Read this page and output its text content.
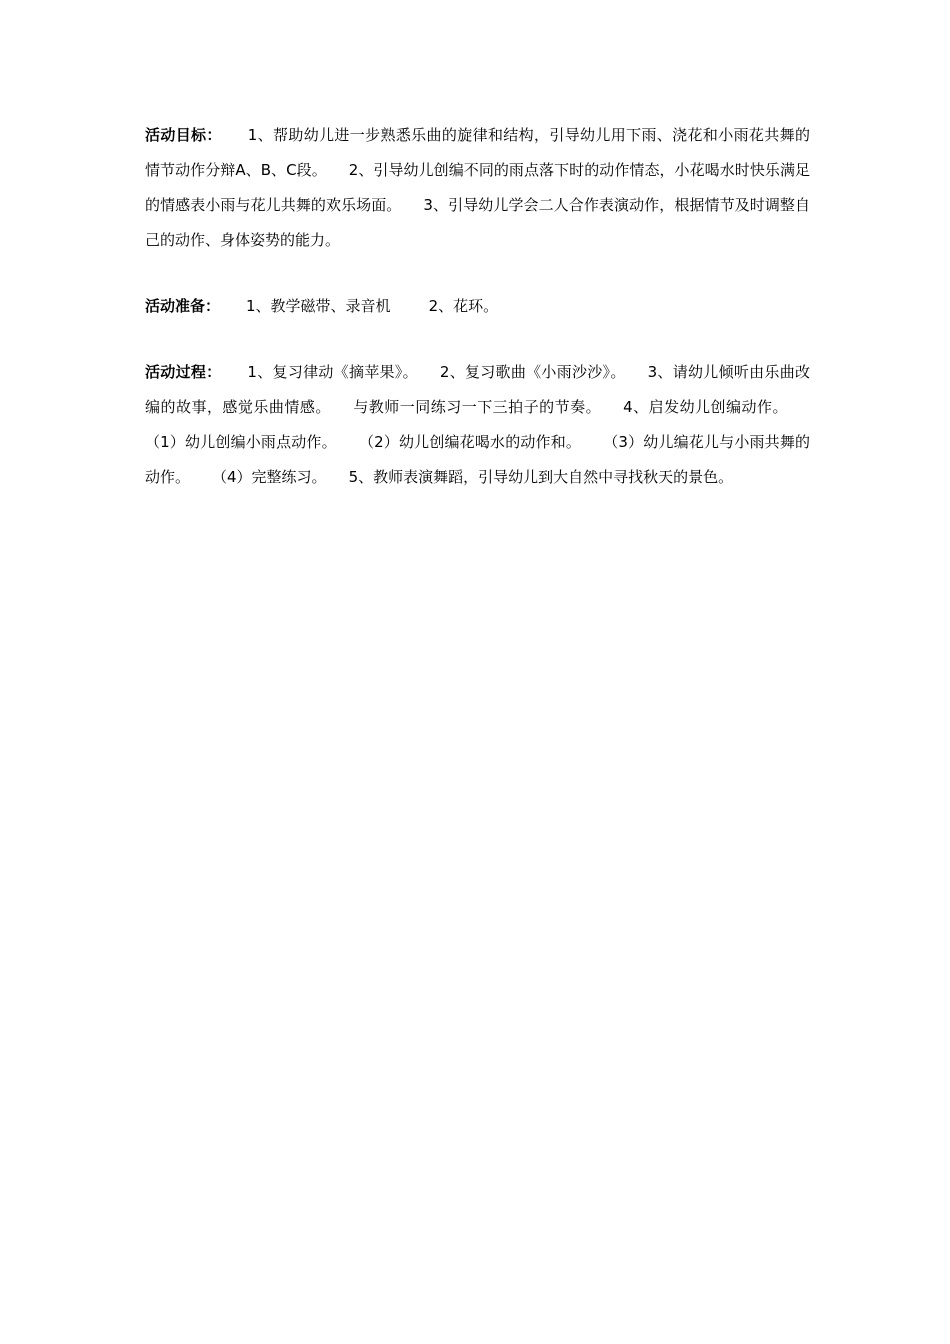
活动目标： 1、帮助幼儿进一步熟悉乐曲的旋律和结构，引导幼儿用下雨、浇花和小雨花共舞的情节动作分辩A、B、C段。 2、引导幼儿创编不同的雨点落下时的动作情态，小花喝水时快乐满足的情感表小雨与花儿共舞的欢乐场面。 3、引导幼儿学会二人合作表演动作，根据情节及时调整自己的动作、身体姿势的能力。

活动准备： 1、教学磁带、录音机	2、花环。

活动过程： 1、复习律动《摘苹果》。 2、复习歌曲《小雨沙沙》。 3、请幼儿倾听由乐曲改编的故事，感觉乐曲情感。 与教师一同练习一下三拍子的节奏。 4、启发幼儿创编动作。（1）幼儿创编小雨点动作。 （2）幼儿创编花喝水的动作和。 （3）幼儿编花儿与小雨共舞的动作。 （4）完整练习。 5、教师表演舞蹈，引导幼儿到大自然中寻找秋天的景色。
